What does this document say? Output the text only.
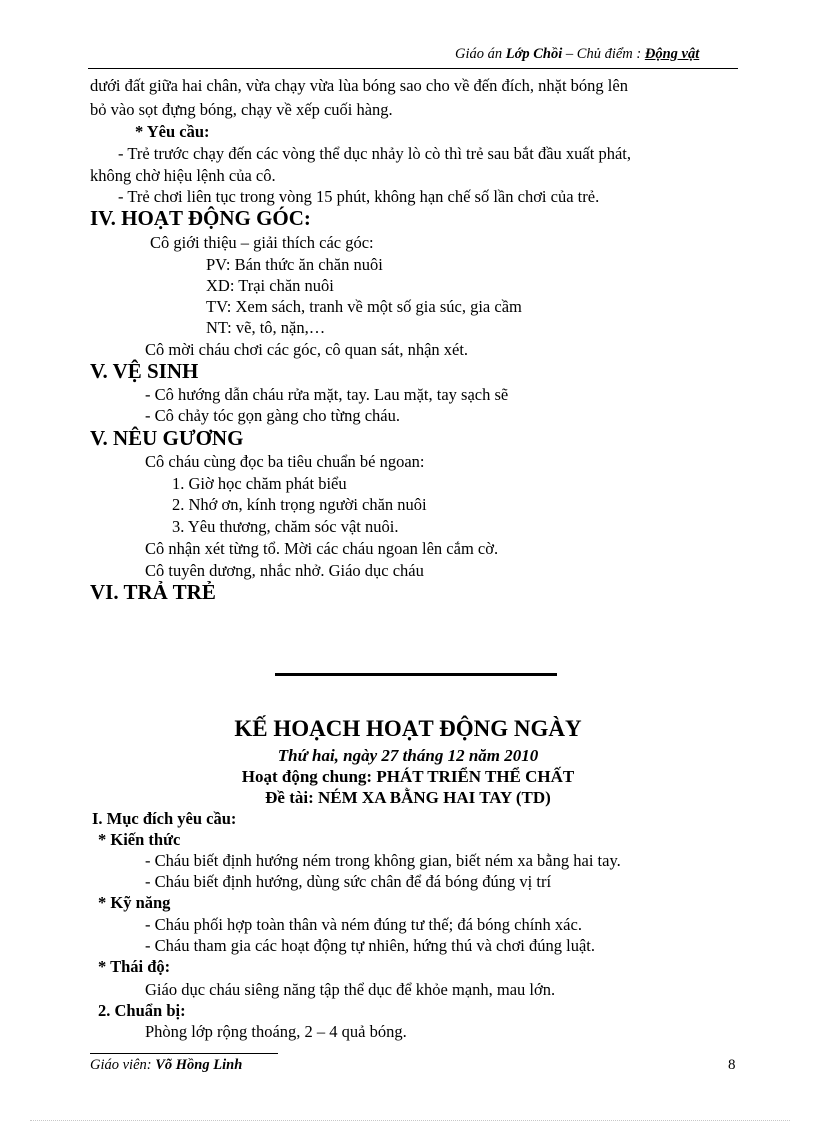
Giáo án Lớp Chồi – Chủ điểm : Động vật
dưới đất giữa hai chân, vừa chạy vừa lùa bóng sao cho về đến đích, nhặt bóng lên
bỏ vào sọt đựng bóng, chạy về xếp cuối hàng.
* Yêu cầu:
- Trẻ trước chạy đến các vòng thể dục nhảy lò cò thì trẻ sau bắt đầu xuất phát,
không chờ hiệu lệnh của cô.
- Trẻ chơi liên tục trong vòng 15 phút, không hạn chế số lần chơi của trẻ.
IV. HOẠT ĐỘNG GÓC:
Cô giới thiệu – giải thích các góc:
PV: Bán thức ăn chăn nuôi
XD: Trại chăn nuôi
TV: Xem sách, tranh về một số gia súc, gia cầm
NT: vẽ, tô, nặn,…
Cô mời cháu chơi các góc, cô quan sát, nhận xét.
V. VỆ SINH
- Cô hướng dẫn cháu rửa mặt, tay. Lau mặt, tay sạch sẽ
- Cô chảy tóc gọn gàng cho từng cháu.
V. NÊU GƯƠNG
Cô cháu cùng đọc ba tiêu chuẩn bé ngoan:
1. Giờ học chăm phát biểu
2. Nhớ ơn, kính trọng người chăn nuôi
3. Yêu thương, chăm sóc vật nuôi.
Cô nhận xét từng tổ. Mời các cháu ngoan lên cắm cờ.
Cô tuyên dương, nhắc nhở. Giáo dục cháu
VI. TRẢ TRẺ
KẾ HOẠCH HOẠT ĐỘNG NGÀY
Thứ hai, ngày 27 tháng 12 năm 2010
Hoạt động chung: PHÁT TRIỂN THỂ CHẤT
Đề tài: NÉM XA BẰNG HAI TAY (TD)
I. Mục đích yêu cầu:
* Kiến thức
- Cháu biết định hướng ném trong không gian, biết ném xa bằng hai tay.
- Cháu biết định hướng, dùng sức chân để đá bóng đúng vị trí
* Kỹ năng
- Cháu phối hợp toàn thân và ném đúng tư thế; đá bóng chính xác.
- Cháu tham gia các hoạt động tự nhiên, hứng thú và chơi đúng luật.
* Thái độ:
Giáo dục cháu siêng năng tập thể dục để khỏe mạnh, mau lớn.
2. Chuẩn bị:
Phòng lớp rộng thoáng, 2 – 4 quả bóng.
Giáo viên: Võ Hồng Linh	8
